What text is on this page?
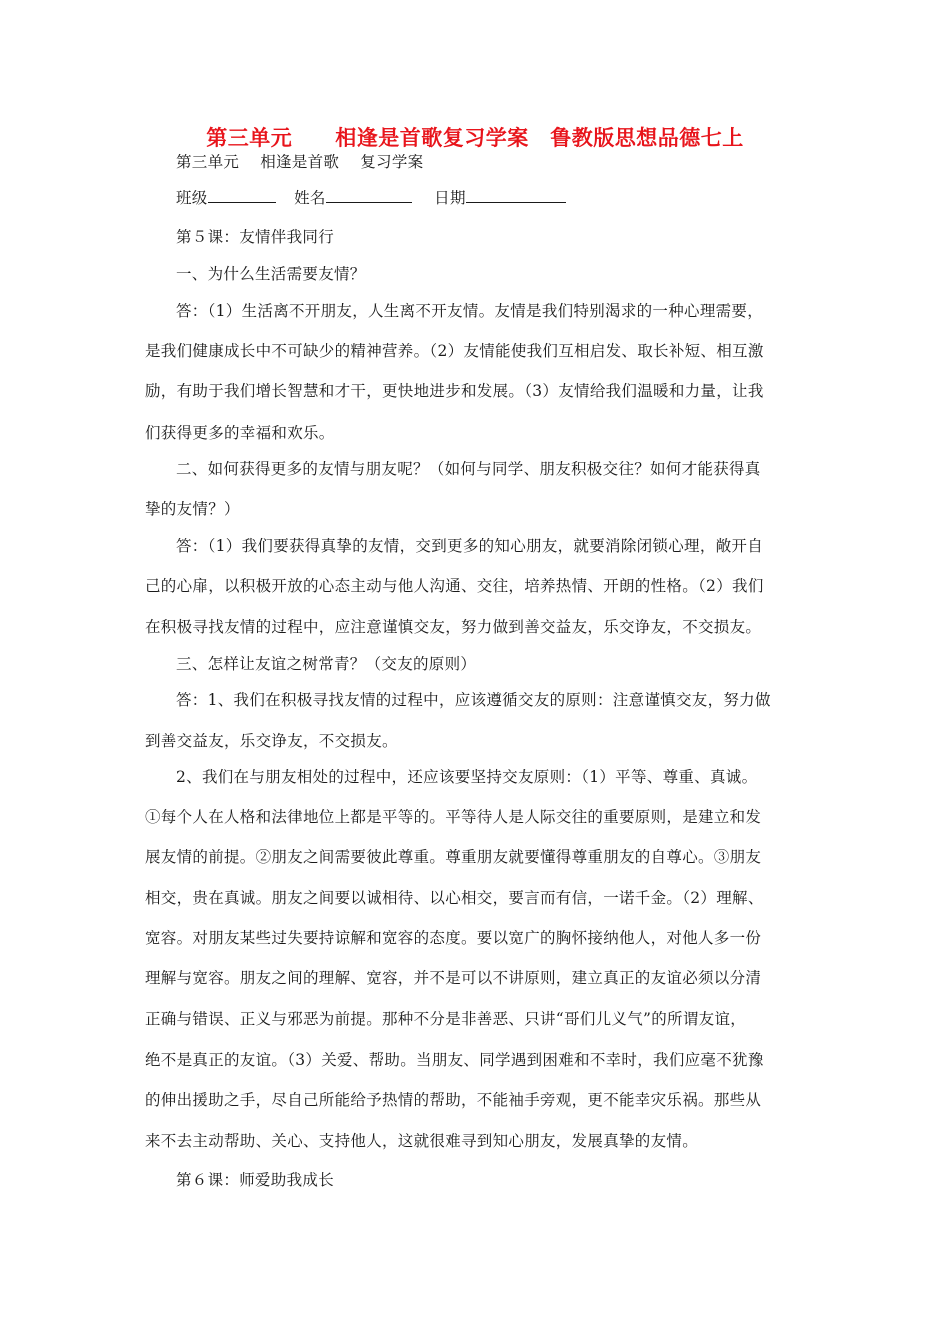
第三单元　　相逢是首歌复习学案　鲁教版思想品德七上
第三单元　 相逢是首歌　 复习学案
班级	姓名	日期
第５课：友情伴我同行
一、为什么生活需要友情？
答：（1）生活离不开朋友，人生离不开友情。友情是我们特别渴求的一种心理需要，
是我们健康成长中不可缺少的精神营养。（2）友情能使我们互相启发、取长补短、相互激
励，有助于我们增长智慧和才干，更快地进步和发展。（3）友情给我们温暖和力量，让我
们获得更多的幸福和欢乐。
二、如何获得更多的友情与朋友呢？（如何与同学、朋友积极交往？如何才能获得真
挚的友情？）
答：（1）我们要获得真挚的友情，交到更多的知心朋友，就要消除闭锁心理，敞开自
己的心扉，以积极开放的心态主动与他人沟通、交往，培养热情、开朗的性格。（2）我们
在积极寻找友情的过程中，应注意谨慎交友，努力做到善交益友，乐交诤友，不交损友。
三、怎样让友谊之树常青？（交友的原则）
答：1、我们在积极寻找友情的过程中，应该遵循交友的原则：注意谨慎交友，努力做
到善交益友，乐交诤友，不交损友。
2、我们在与朋友相处的过程中，还应该要坚持交友原则：（1）平等、尊重、真诚。
①每个人在人格和法律地位上都是平等的。平等待人是人际交往的重要原则，是建立和发
展友情的前提。②朋友之间需要彼此尊重。尊重朋友就要懂得尊重朋友的自尊心。③朋友
相交，贵在真诚。朋友之间要以诚相待、以心相交，要言而有信，一诺千金。（2）理解、
宽容。对朋友某些过失要持谅解和宽容的态度。要以宽广的胸怀接纳他人，对他人多一份
理解与宽容。朋友之间的理解、宽容，并不是可以不讲原则，建立真正的友谊必须以分清
正确与错误、正义与邪恶为前提。那种不分是非善恶、只讲“哥们儿义气”的所谓友谊，
绝不是真正的友谊。（3）关爱、帮助。当朋友、同学遇到困难和不幸时，我们应毫不犹豫
的伸出援助之手，尽自己所能给予热情的帮助，不能袖手旁观，更不能幸灾乐祸。那些从
来不去主动帮助、关心、支持他人，这就很难寻到知心朋友，发展真挚的友情。
第６课：师爱助我成长
